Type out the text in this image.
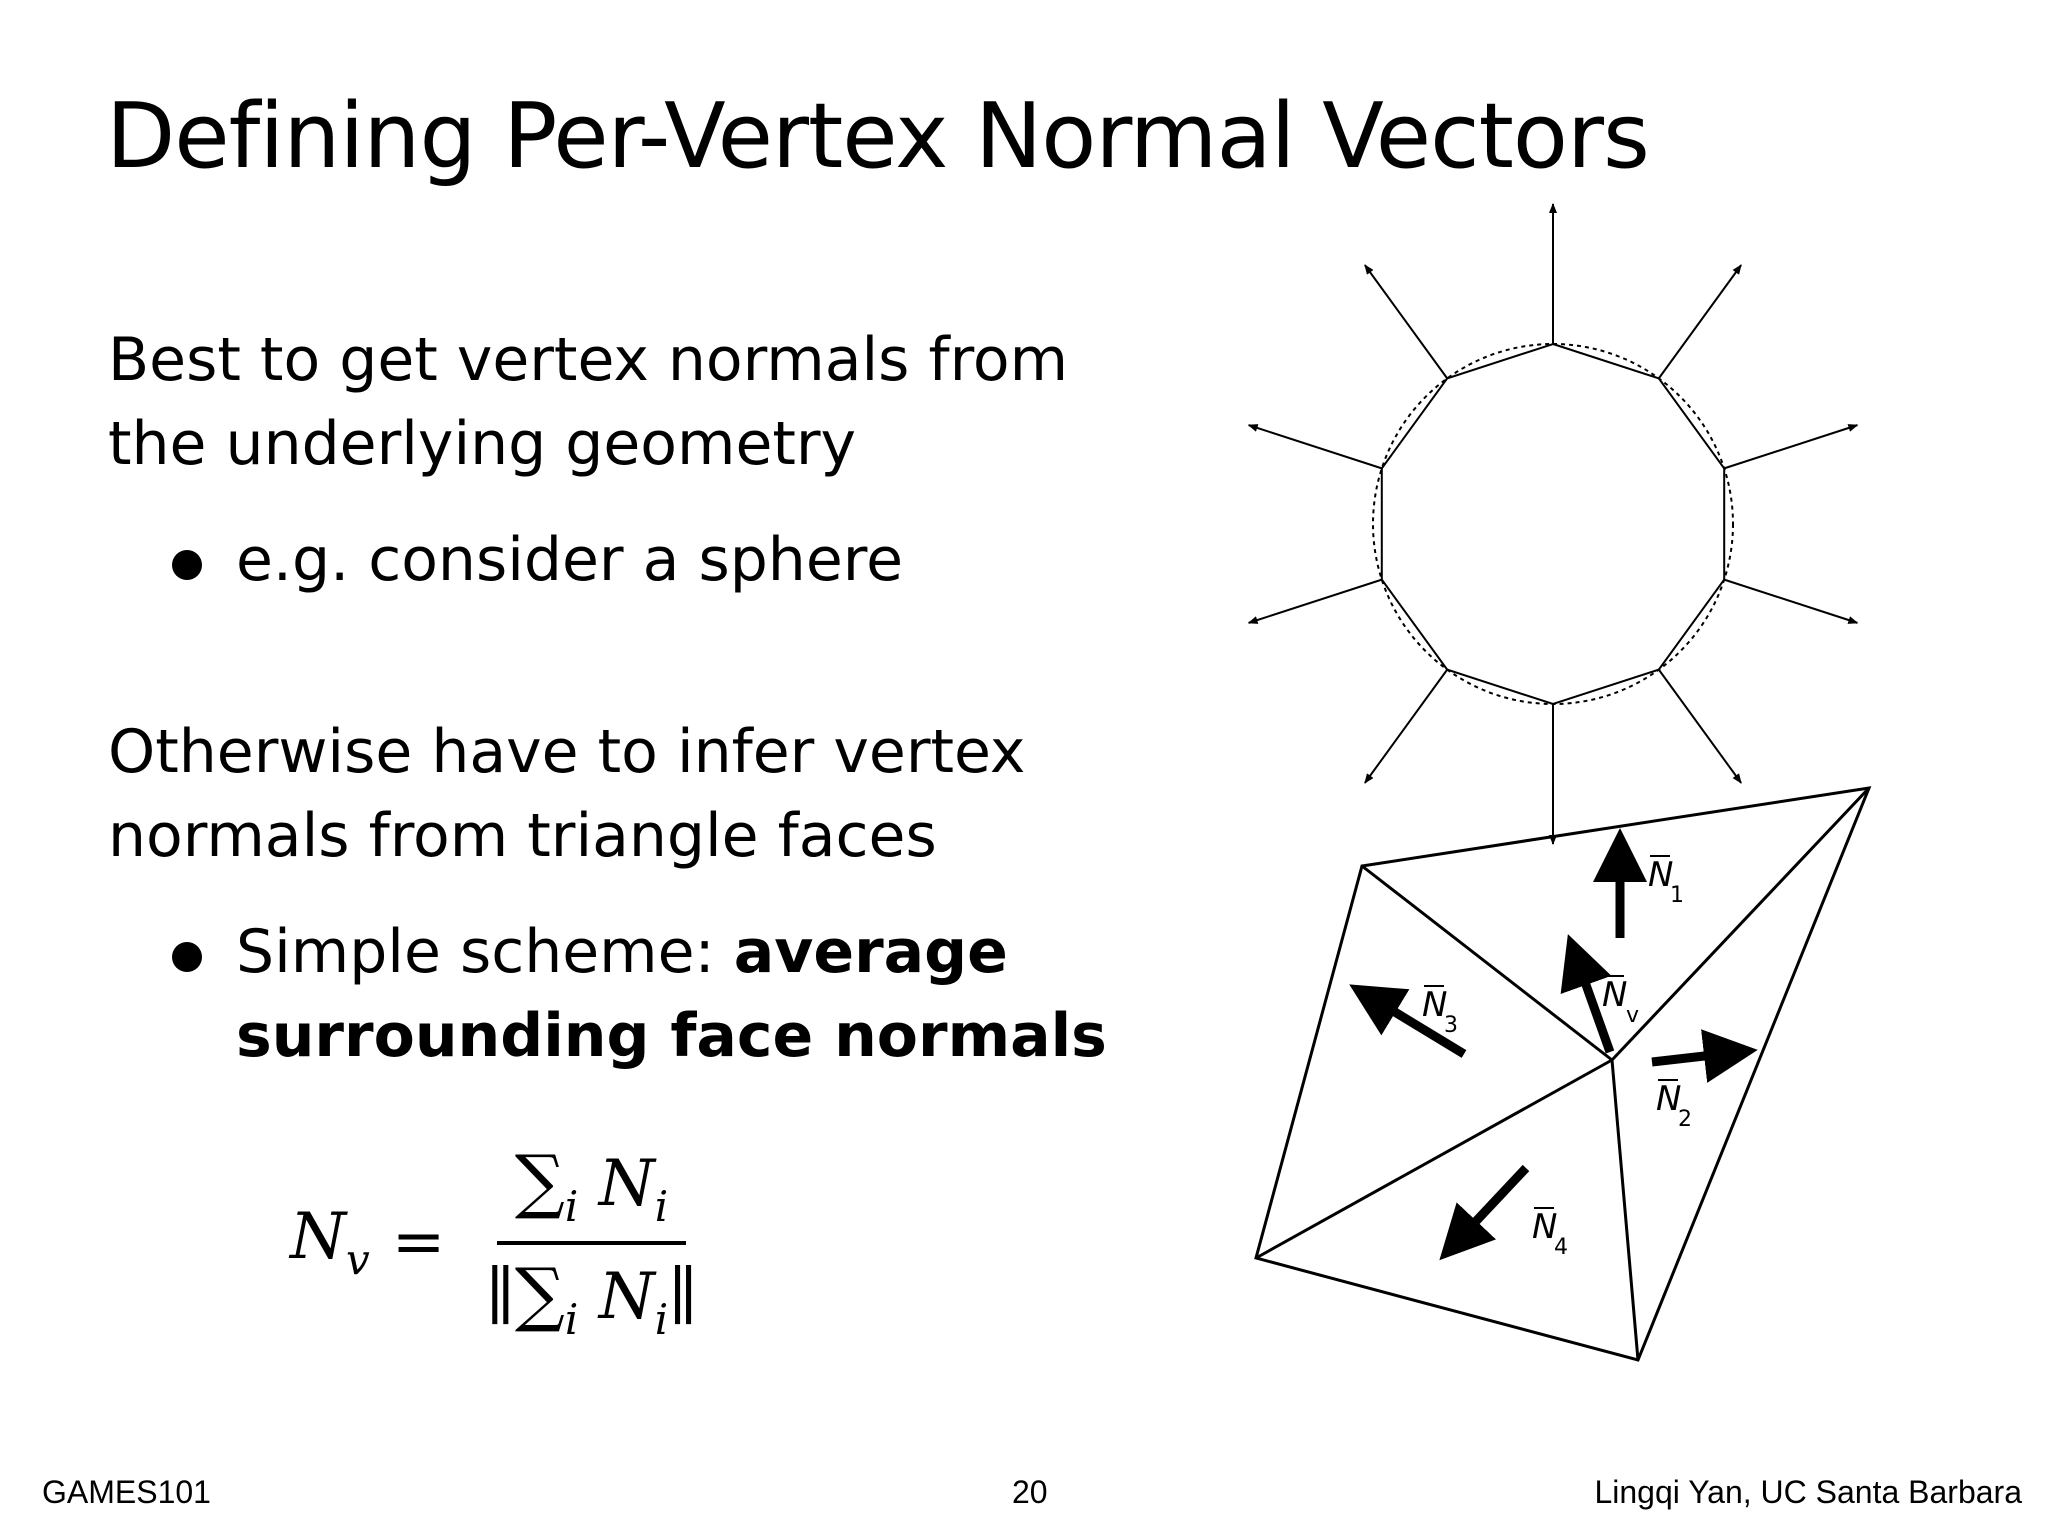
Defining Per-Vertex Normal Vectors
Best to get vertex normals from
the underlying geometry
e.g. consider a sphere
Otherwise have to infer vertex
normals from triangle faces
Simple scheme: average
surrounding face normals
$N_v = \frac{\sum_i N_i}{\parallel\sum_i N_i\parallel}$
N
1
N
v
N
3
N
2
N
4
GAMES101	20	Lingqi Yan, UC Santa Barbara
